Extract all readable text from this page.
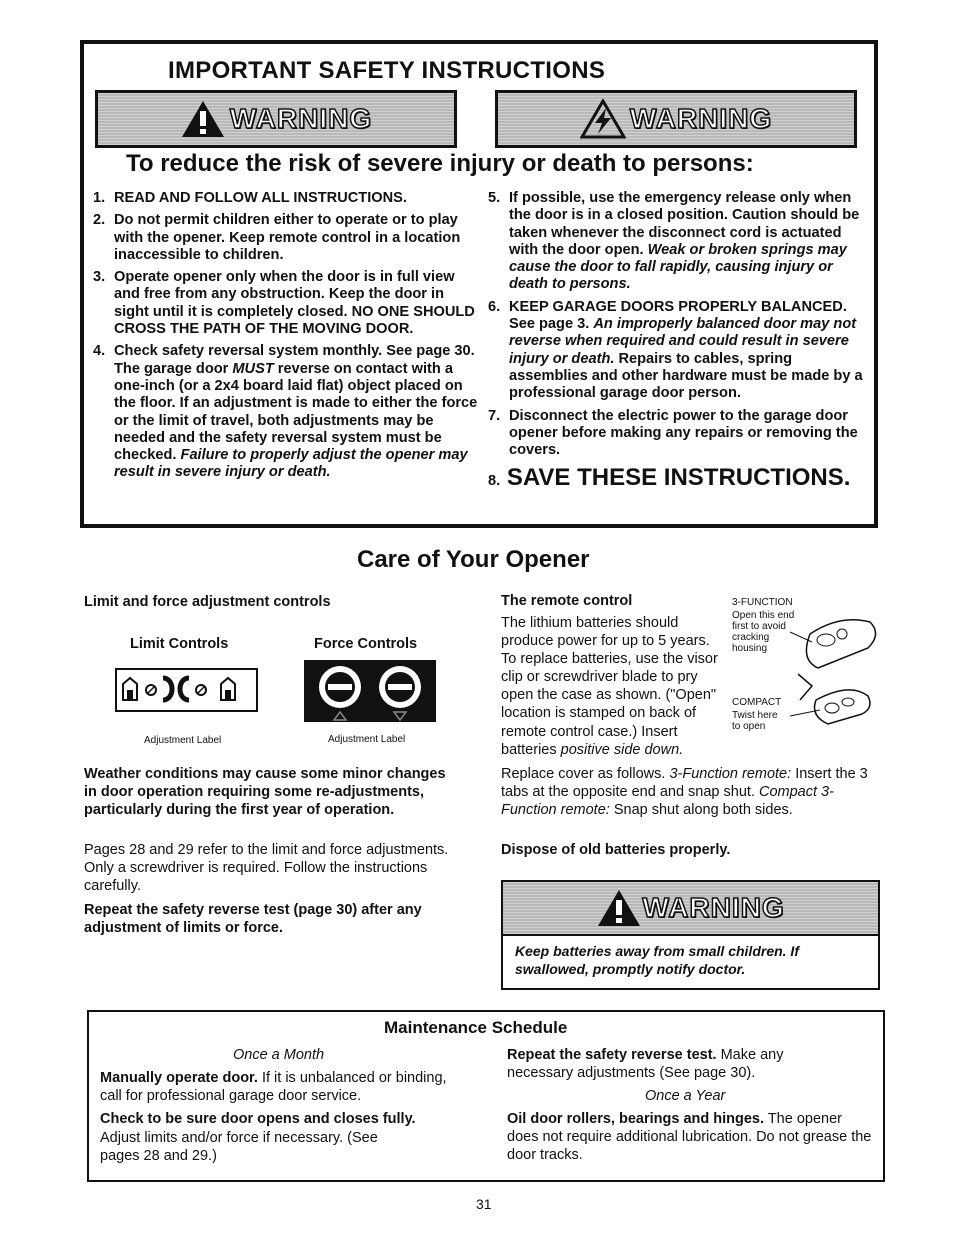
IMPORTANT SAFETY INSTRUCTIONS
WARNING	WARNING
To reduce the risk of severe injury or death to persons:
1. READ AND FOLLOW ALL INSTRUCTIONS.
2. Do not permit children either to operate or to play with the opener. Keep remote control in a location inaccessible to children.
3. Operate opener only when the door is in full view and free from any obstruction. Keep the door in sight until it is completely closed. NO ONE SHOULD CROSS THE PATH OF THE MOVING DOOR.
4. Check safety reversal system monthly. See page 30. The garage door MUST reverse on contact with a one-inch (or a 2x4 board laid flat) object placed on the floor. If an adjustment is made to either the force or the limit of travel, both adjustments may be needed and the safety reversal system must be checked. Failure to properly adjust the opener may result in severe injury or death.
5. If possible, use the emergency release only when the door is in a closed position. Caution should be taken whenever the disconnect cord is actuated with the door open. Weak or broken springs may cause the door to fall rapidly, causing injury or death to persons.
6. KEEP GARAGE DOORS PROPERLY BALANCED. See page 3. An improperly balanced door may not reverse when required and could result in severe injury or death. Repairs to cables, spring assemblies and other hardware must be made by a professional garage door person.
7. Disconnect the electric power to the garage door opener before making any repairs or removing the covers.
8. SAVE THESE INSTRUCTIONS.
Care of Your Opener
Limit and force adjustment controls
Limit Controls	Force Controls
Adjustment Label	Adjustment Label
Weather conditions may cause some minor changes in door operation requiring some re-adjustments, particularly during the first year of operation.
Pages 28 and 29 refer to the limit and force adjustments. Only a screwdriver is required. Follow the instructions carefully.
Repeat the safety reverse test (page 30) after any adjustment of limits or force.
The remote control
The lithium batteries should produce power for up to 5 years. To replace batteries, use the visor clip or screwdriver blade to pry open the case as shown. ("Open" location is stamped on back of remote control case.) Insert batteries positive side down.
3-FUNCTION
Open this end first to avoid cracking housing
COMPACT
Twist here to open
Replace cover as follows. 3-Function remote: Insert the 3 tabs at the opposite end and snap shut. Compact 3-Function remote: Snap shut along both sides.
Dispose of old batteries properly.
WARNING
Keep batteries away from small children. If swallowed, promptly notify doctor.
Maintenance Schedule
Once a Month
Manually operate door. If it is unbalanced or binding, call for professional garage door service.
Check to be sure door opens and closes fully.
Adjust limits and/or force if necessary. (See pages 28 and 29.)
Repeat the safety reverse test. Make any necessary adjustments (See page 30).
Once a Year
Oil door rollers, bearings and hinges. The opener does not require additional lubrication. Do not grease the door tracks.
31
